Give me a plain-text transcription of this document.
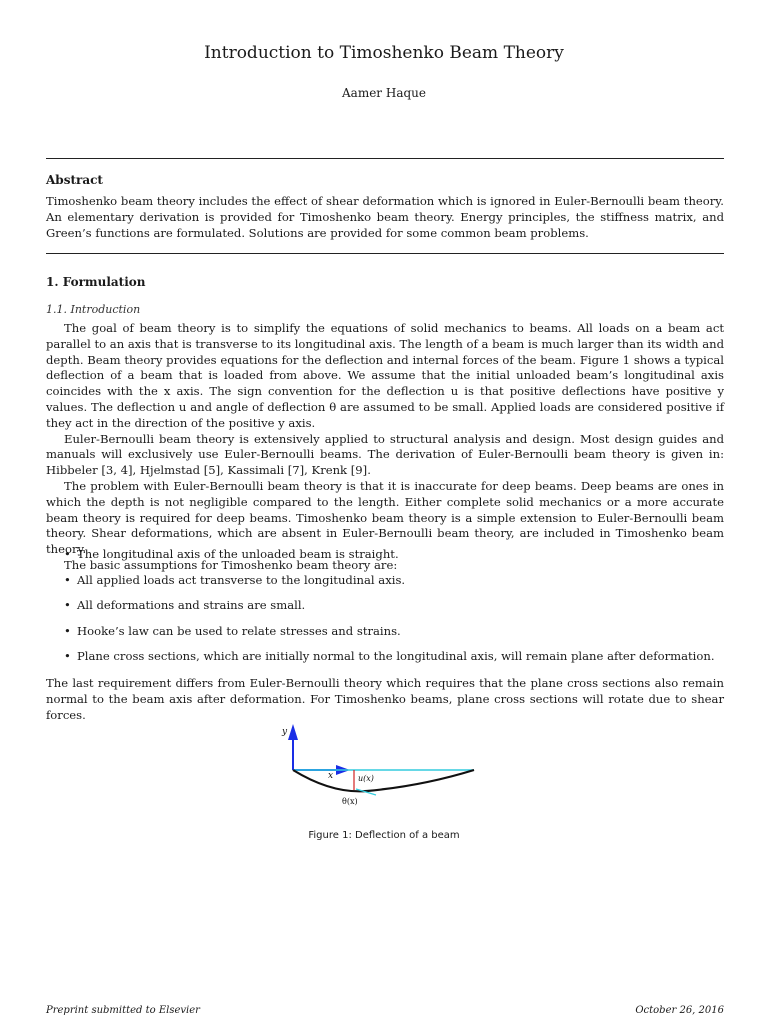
Introduction to Timoshenko Beam Theory
Aamer Haque
Abstract
Timoshenko beam theory includes the effect of shear deformation which is ignored in Euler-Bernoulli beam theory. An elementary derivation is provided for Timoshenko beam theory. Energy principles, the stiffness matrix, and Green’s functions are formulated. Solutions are provided for some common beam problems.
1. Formulation
1.1. Introduction

The goal of beam theory is to simplify the equations of solid mechanics to beams. All loads on a beam act parallel to an axis that is transverse to its longitudinal axis. The length of a beam is much larger than its width and depth. Beam theory provides equations for the deflection and internal forces of the beam. Figure 1 shows a typical deflection of a beam that is loaded from above. We assume that the initial unloaded beam’s longitudinal axis coincides with the x axis. The sign convention for the deflection u is that positive deflections have positive y values. The deflection u and angle of deflection θ are assumed to be small. Applied loads are considered positive if they act in the direction of the positive y axis.

Euler-Bernoulli beam theory is extensively applied to structural analysis and design. Most design guides and manuals will exclusively use Euler-Bernoulli beams. The derivation of Euler-Bernoulli beam theory is given in: Hibbeler [3, 4], Hjelmstad [5], Kassimali [7], Krenk [9].

The problem with Euler-Bernoulli beam theory is that it is inaccurate for deep beams. Deep beams are ones in which the depth is not negligible compared to the length. Either complete solid mechanics or a more accurate beam theory is required for deep beams. Timoshenko beam theory is a simple extension to Euler-Bernoulli beam theory. Shear deformations, which are absent in Euler-Bernoulli beam theory, are included in Timoshenko beam theory.

The basic assumptions for Timoshenko beam theory are:

• The longitudinal axis of the unloaded beam is straight.
• All applied loads act transverse to the longitudinal axis.
• All deformations and strains are small.
• Hooke’s law can be used to relate stresses and strains.
• Plane cross sections, which are initially normal to the longitudinal axis, will remain plane after deformation.
The last requirement differs from Euler-Bernoulli theory which requires that the plane cross sections also remain normal to the beam axis after deformation. For Timoshenko beams, plane cross sections will rotate due to shear forces.
y
x	u(x)
θ(x)
Figure 1: Deflection of a beam
Preprint submitted to Elsevier	October 26, 2016
